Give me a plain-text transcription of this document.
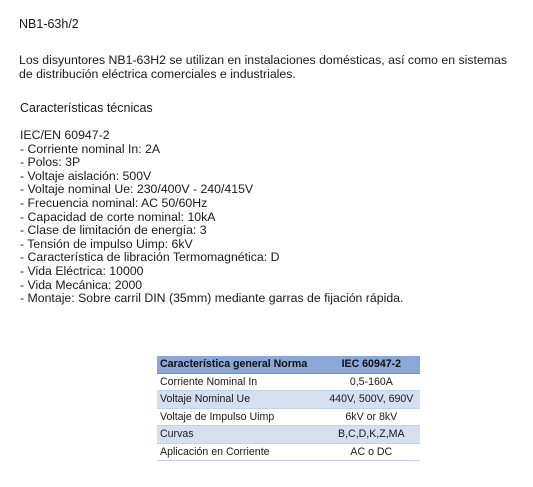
NB1-63h/2
Los disyuntores NB1-63H2 se utilizan en instalaciones domésticas, así como en sistemas de distribución eléctrica comerciales e industriales.
Características técnicas
IEC/EN 60947-2
- Corriente nominal In: 2A
- Polos: 3P
- Voltaje aislación: 500V
- Voltaje nominal Ue: 230/400V - 240/415V
- Frecuencia nominal: AC 50/60Hz
- Capacidad de corte nominal: 10kA
- Clase de limitación de energía: 3
- Tensión de impulso Uimp: 6kV
- Característica de libración Termomagnética: D
- Vida Eléctrica: 10000
- Vida Mecánica: 2000
- Montaje: Sobre carril DIN (35mm) mediante garras de fijación rápida.
Característica general Norma	IEC 60947-2
Corriente Nominal In	0,5-160A
Voltaje Nominal Ue	440V, 500V, 690V
Voltaje de Impulso Uimp	6kV or 8kV
Curvas	B,C,D,K,Z,MA
Aplicación en Corriente	AC o DC
